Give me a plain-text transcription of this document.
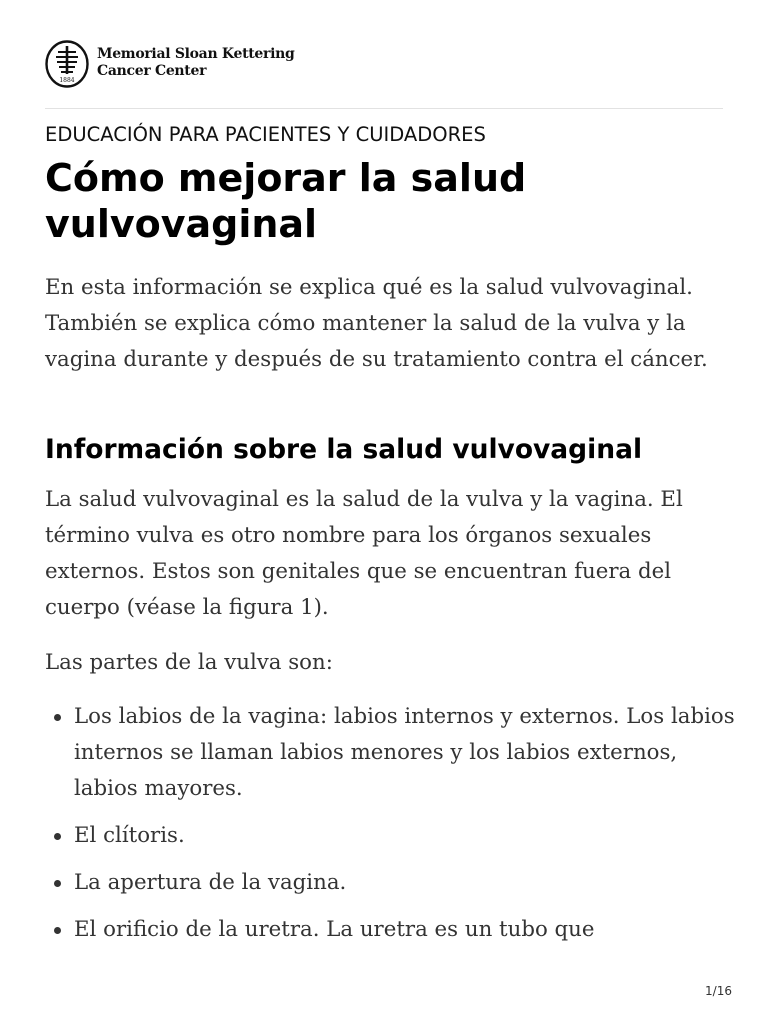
1884
Memorial Sloan Kettering
Cancer Center
EDUCACIÓN PARA PACIENTES Y CUIDADORES
Cómo mejorar la salud
vulvovaginal

En esta información se explica qué es la salud vulvovaginal. También se explica cómo mantener la salud de la vulva y la vagina durante y después de su tratamiento contra el cáncer.

Información sobre la salud vulvovaginal

La salud vulvovaginal es la salud de la vulva y la vagina. El término vulva es otro nombre para los órganos sexuales externos. Estos son genitales que se encuentran fuera del cuerpo (véase la figura 1).

Las partes de la vulva son:

Los labios de la vagina: labios internos y externos. Los labios internos se llaman labios menores y los labios externos, labios mayores.
El clítoris.
La apertura de la vagina.
El orificio de la uretra. La uretra es un tubo que
1/16
